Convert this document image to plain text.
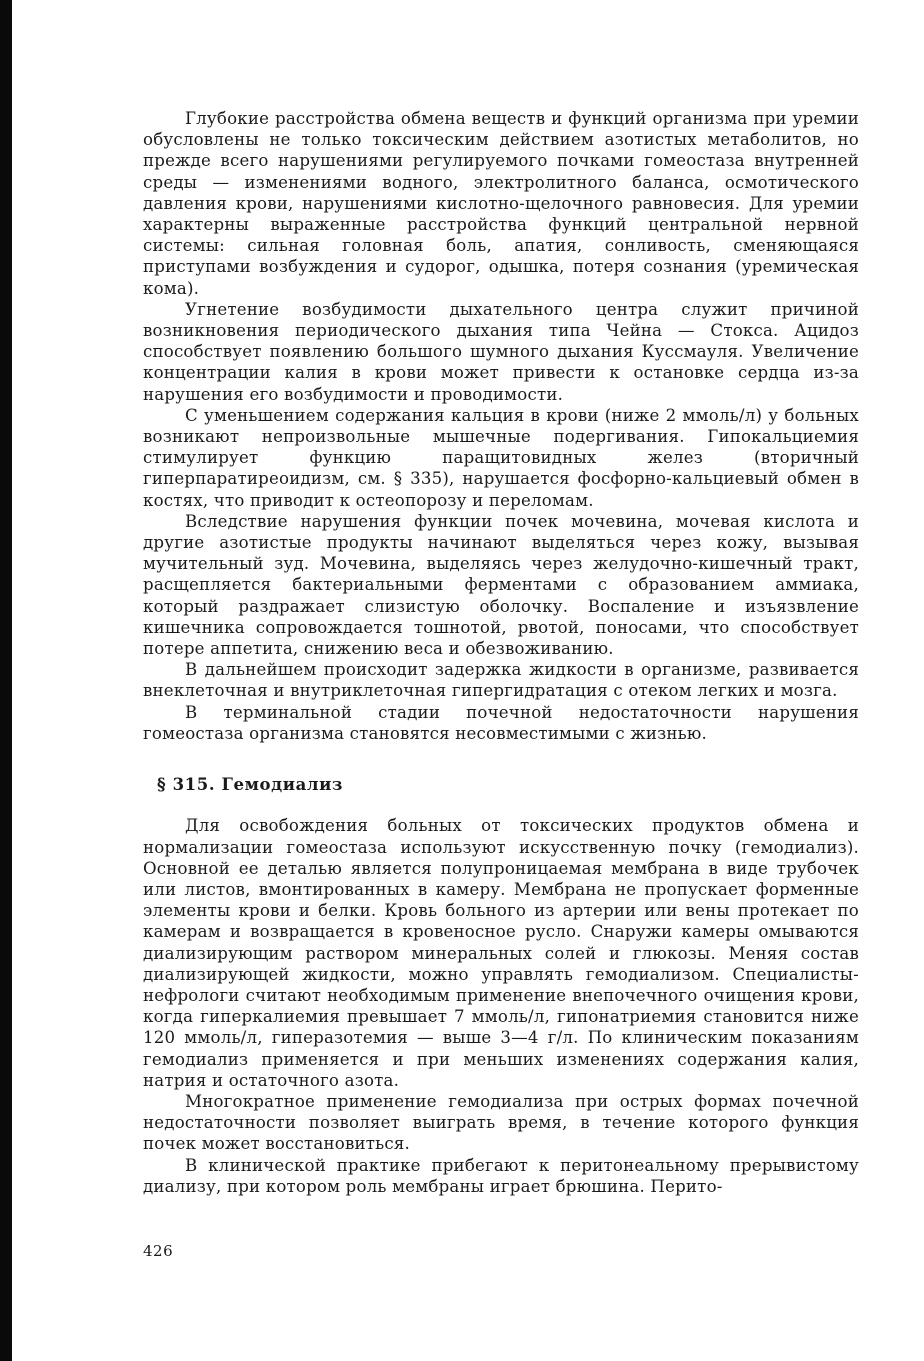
Глубокие расстройства обмена веществ и функций организма при уремии обусловлены не только токсическим действием азотистых метаболитов, но прежде всего нарушениями регулируемого почками гомеостаза внутренней среды — изменениями водного, электролитного баланса, осмотического давления крови, нарушениями кислотно-щелочного равновесия. Для уремии характерны выраженные расстройства функций центральной нервной системы: сильная головная боль, апатия, сонливость, сменяющаяся приступами возбуждения и судорог, одышка, потеря сознания (уремическая кома).

Угнетение возбудимости дыхательного центра служит причиной возникновения периодического дыхания типа Чейна — Стокса. Ацидоз способствует появлению большого шумного дыхания Куссмауля. Увеличение концентрации калия в крови может привести к остановке сердца из-за нарушения его возбудимости и проводимости.

С уменьшением содержания кальция в крови (ниже 2 ммоль/л) у больных возникают непроизвольные мышечные подергивания. Гипокальциемия стимулирует функцию паращитовидных желез (вторичный гиперпаратиреоидизм, см. § 335), нарушается фосфорно-кальциевый обмен в костях, что приводит к остеопорозу и переломам.

Вследствие нарушения функции почек мочевина, мочевая кислота и другие азотистые продукты начинают выделяться через кожу, вызывая мучительный зуд. Мочевина, выделяясь через желудочно-кишечный тракт, расщепляется бактериальными ферментами с образованием аммиака, который раздражает слизистую оболочку. Воспаление и изъязвление кишечника сопровождается тошнотой, рвотой, поносами, что способствует потере аппетита, снижению веса и обезвоживанию.

В дальнейшем происходит задержка жидкости в организме, развивается внеклеточная и внутриклеточная гипергидратация с отеком легких и мозга.

В терминальной стадии почечной недостаточности нарушения гомеостаза организма становятся несовместимыми с жизнью.

§ 315. Гемодиализ

Для освобождения больных от токсических продуктов обмена и нормализации гомеостаза используют искусственную почку (гемодиализ). Основной ее деталью является полупроницаемая мембрана в виде трубочек или листов, вмонтированных в камеру. Мембрана не пропускает форменные элементы крови и белки. Кровь больного из артерии или вены протекает по камерам и возвращается в кровеносное русло. Снаружи камеры омываются диализирующим раствором минеральных солей и глюкозы. Меняя состав диализирующей жидкости, можно управлять гемодиализом. Специалисты-нефрологи считают необходимым применение внепочечного очищения крови, когда гиперкалиемия превышает 7 ммоль/л, гипонатриемия становится ниже 120 ммоль/л, гиперазотемия — выше 3—4 г/л. По клиническим показаниям гемодиализ применяется и при меньших изменениях содержания калия, натрия и остаточного азота.

Многократное применение гемодиализа при острых формах почечной недостаточности позволяет выиграть время, в течение которого функция почек может восстановиться.

В клинической практике прибегают к перитонеальному прерывистому диализу, при котором роль мембраны играет брюшина. Перито-

426
